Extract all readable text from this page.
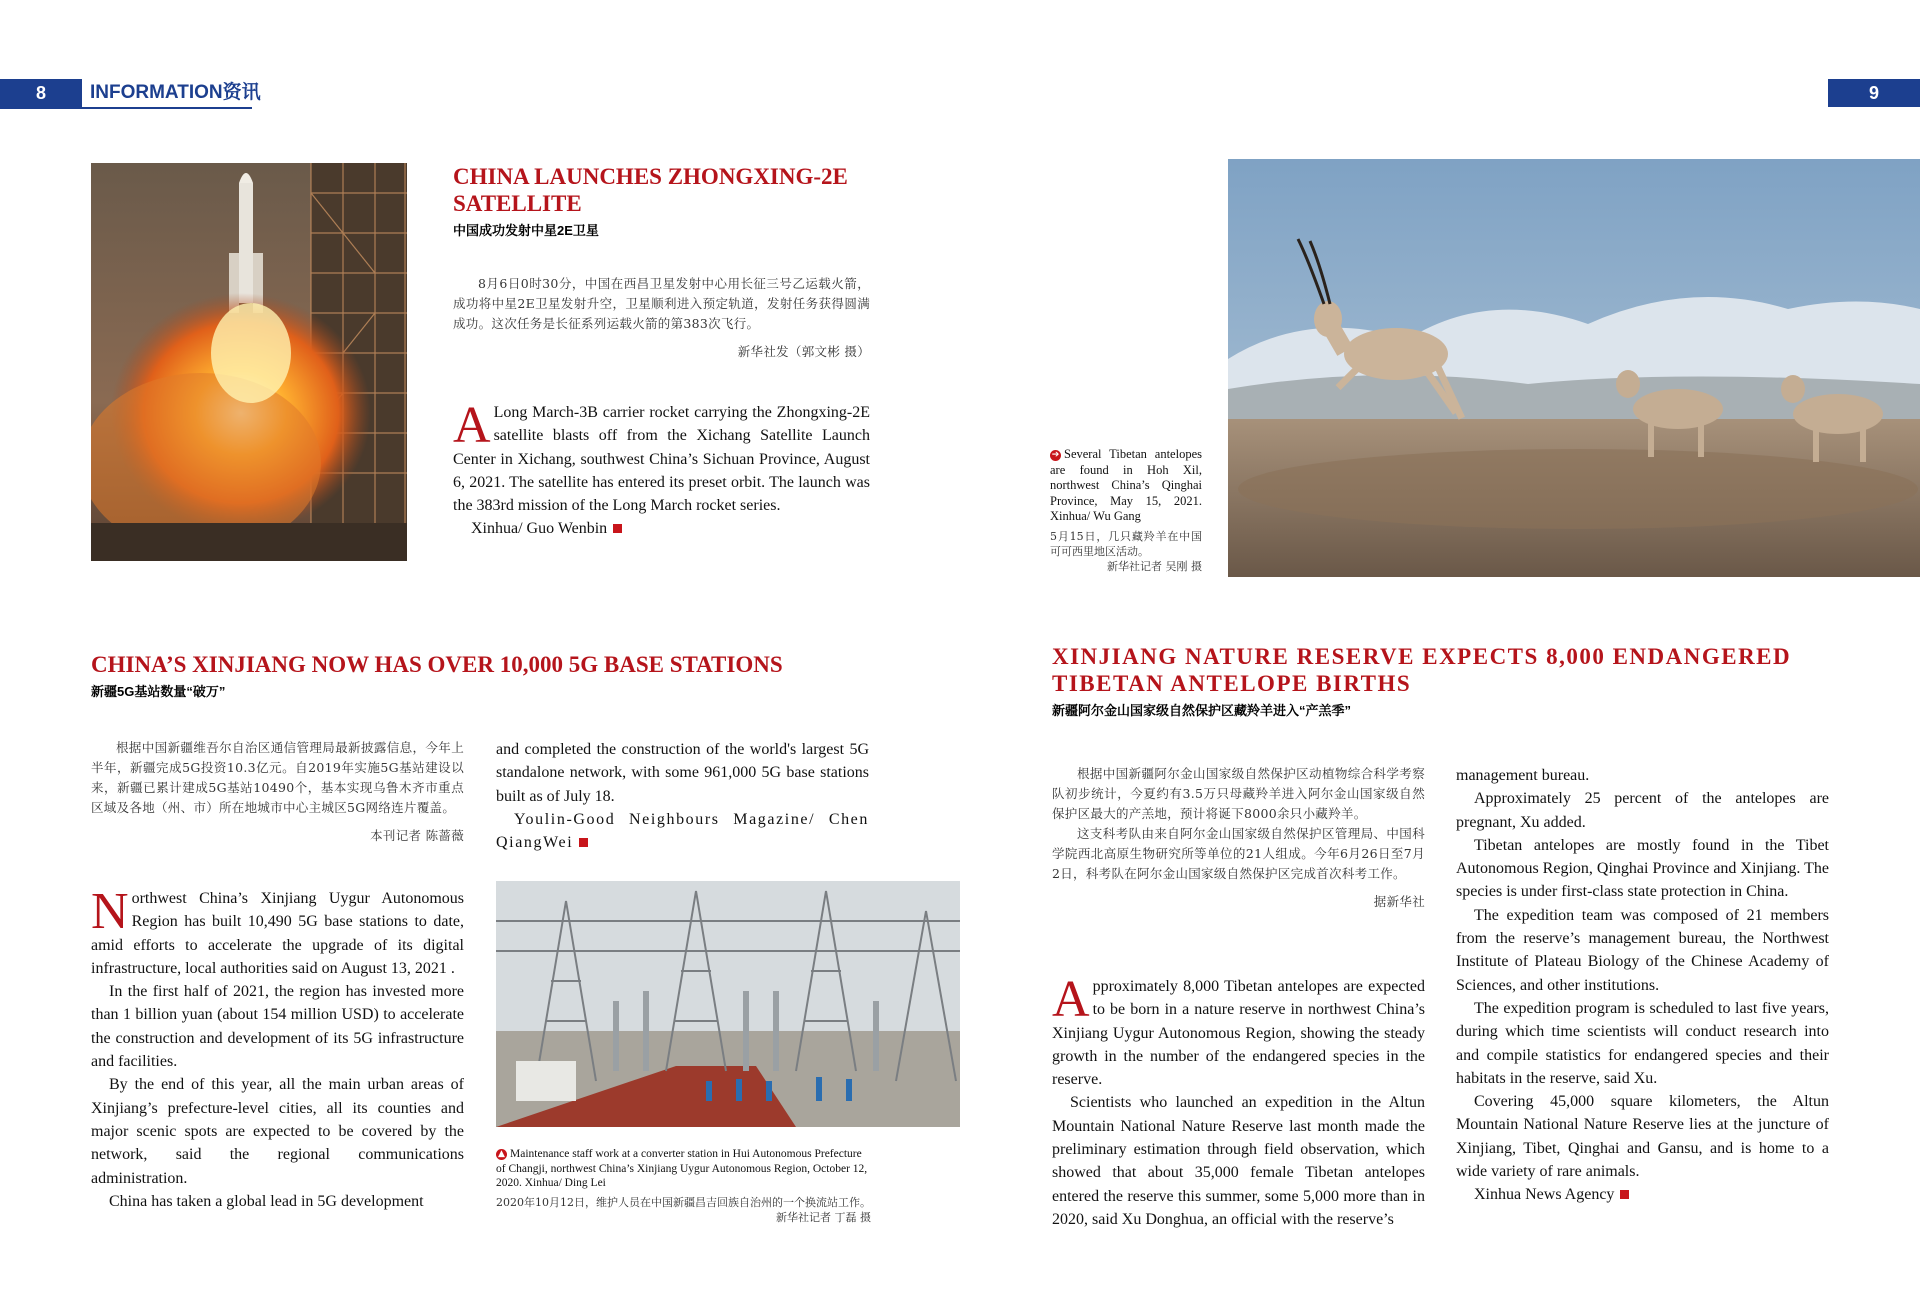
8	INFORMATION资讯	9
CHINA LAUNCHES ZHONGXING-2E SATELLITE
中国成功发射中星2E卫星

8月6日0时30分，中国在西昌卫星发射中心用长征三号乙运载火箭，成功将中星2E卫星发射升空，卫星顺利进入预定轨道，发射任务获得圆满成功。这次任务是长征系列运载火箭的第383次飞行。

新华社发（郭文彬 摄）

A Long March-3B carrier rocket carrying the Zhongxing-2E satellite blasts off from the Xichang Satellite Launch Center in Xichang, southwest China’s Sichuan Province, August 6, 2021. The satellite has entered its preset orbit. The launch was the 383rd mission of the Long March rocket series.

Xinhua/ Guo Wenbin

➔ Several Tibetan antelopes are found in Hoh Xil, northwest China’s Qinghai Province, May 15, 2021. Xinhua/ Wu Gang
5月15日，几只藏羚羊在中国可可西里地区活动。
新华社记者 吴刚 摄
CHINA’S XINJIANG NOW HAS OVER 10,000 5G BASE STATIONS
新疆5G基站数量“破万”

根据中国新疆维吾尔自治区通信管理局最新披露信息，今年上半年，新疆完成5G投资10.3亿元。自2019年实施5G基站建设以来，新疆已累计建成5G基站10490个，基本实现乌鲁木齐市重点区域及各地（州、市）所在地城市中心主城区5G网络连片覆盖。

本刊记者 陈蔷薇

Northwest China’s Xinjiang Uygur Autonomous Region has built 10,490 5G base stations to date, amid efforts to accelerate the upgrade of its digital infrastructure, local authorities said on August 13, 2021 .

In the first half of 2021, the region has invested more than 1 billion yuan (about 154 million USD) to accelerate the construction and development of its 5G infrastructure and facilities.

By the end of this year, all the main urban areas of Xinjiang’s prefecture-level cities, all its counties and major scenic spots are expected to be covered by the network, said the regional communications administration.

China has taken a global lead in 5G development

and completed the construction of the world's largest 5G standalone network, with some 961,000 5G base stations built as of July 18.

Youlin-Good Neighbours Magazine/ Chen QiangWei

▲ Maintenance staff work at a converter station in Hui Autonomous Prefecture of Changji, northwest China’s Xinjiang Uygur Autonomous Region, October 12, 2020. Xinhua/ Ding Lei
2020年10月12日，维护人员在中国新疆昌吉回族自治州的一个换流站工作。
新华社记者 丁磊 摄
XINJIANG NATURE RESERVE EXPECTS 8,000 ENDANGERED TIBETAN ANTELOPE BIRTHS
新疆阿尔金山国家级自然保护区藏羚羊进入“产羔季”

根据中国新疆阿尔金山国家级自然保护区动植物综合科学考察队初步统计，今夏约有3.5万只母藏羚羊进入阿尔金山国家级自然保护区最大的产羔地，预计将诞下8000余只小藏羚羊。

这支科考队由来自阿尔金山国家级自然保护区管理局、中国科学院西北高原生物研究所等单位的21人组成。今年6月26日至7月2日，科考队在阿尔金山国家级自然保护区完成首次科考工作。

据新华社

Approximately 8,000 Tibetan antelopes are expected to be born in a nature reserve in northwest China’s Xinjiang Uygur Autonomous Region, showing the steady growth in the number of the endangered species in the reserve.

Scientists who launched an expedition in the Altun Mountain National Nature Reserve last month made the preliminary estimation through field observation, which showed that about 35,000 female Tibetan antelopes entered the reserve this summer, some 5,000 more than in 2020, said Xu Donghua, an official with the reserve’s

management bureau.

Approximately 25 percent of the antelopes are pregnant, Xu added.

Tibetan antelopes are mostly found in the Tibet Autonomous Region, Qinghai Province and Xinjiang. The species is under first-class state protection in China.

The expedition team was composed of 21 members from the reserve’s management bureau, the Northwest Institute of Plateau Biology of the Chinese Academy of Sciences, and other institutions.

The expedition program is scheduled to last five years, during which time scientists will conduct research into and compile statistics for endangered species and their habitats in the reserve, said Xu.

Covering 45,000 square kilometers, the Altun Mountain National Nature Reserve lies at the juncture of Xinjiang, Tibet, Qinghai and Gansu, and is home to a wide variety of rare animals.

Xinhua News Agency
